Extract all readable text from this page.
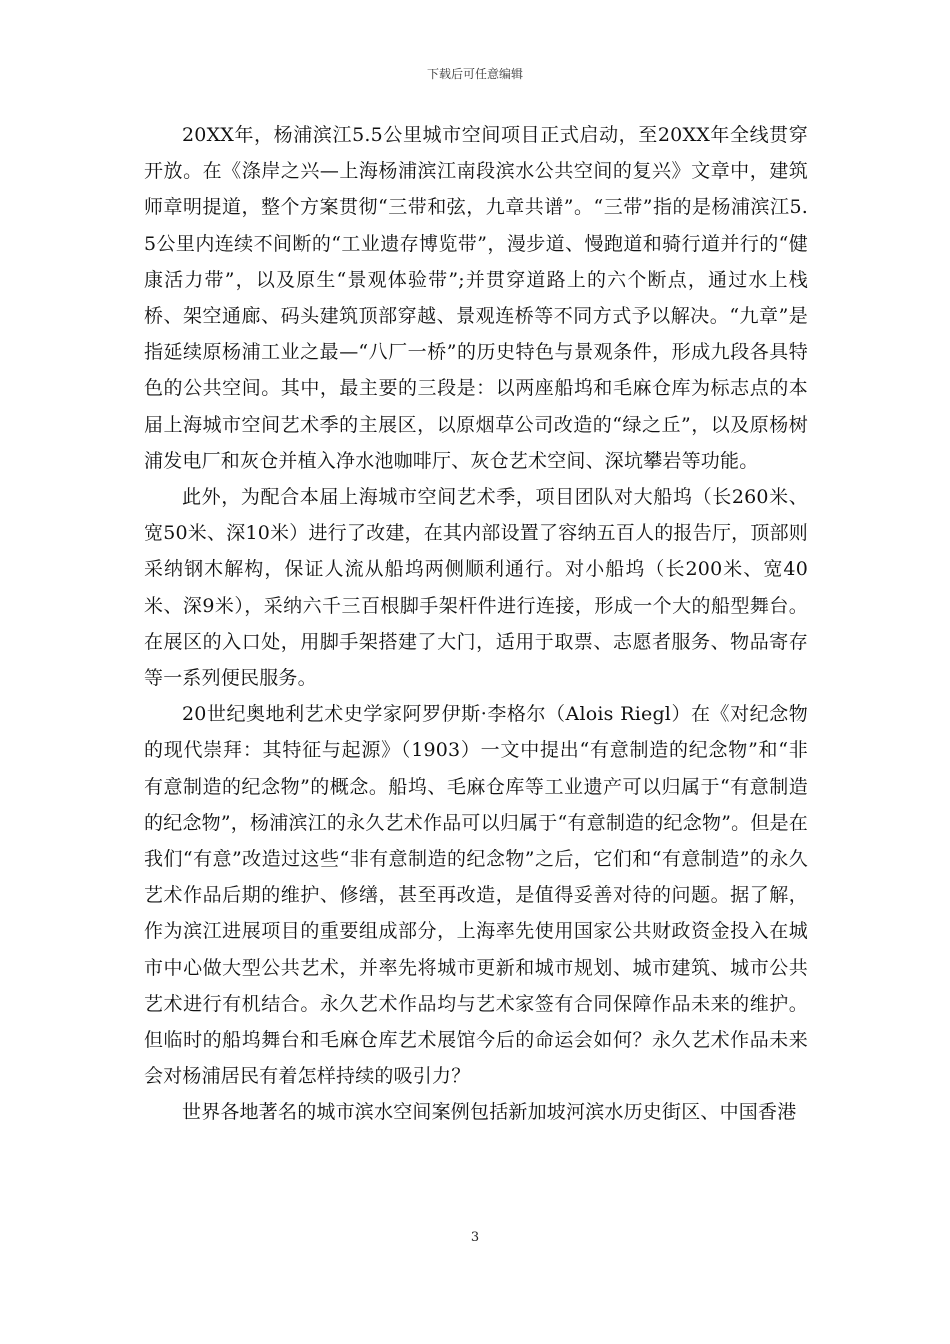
下载后可任意编辑

20XX年，杨浦滨江5.5公里城市空间项目正式启动，至20XX年全线贯穿开放。在《涤岸之兴—上海杨浦滨江南段滨水公共空间的复兴》文章中，建筑师章明提道，整个方案贯彻“三带和弦，九章共谱”。“三带”指的是杨浦滨江5.5公里内连续不间断的“工业遗存博览带”，漫步道、慢跑道和骑行道并行的“健康活力带”，以及原生“景观体验带”;并贯穿道路上的六个断点，通过水上栈桥、架空通廊、码头建筑顶部穿越、景观连桥等不同方式予以解决。“九章”是指延续原杨浦工业之最—“八厂一桥”的历史特色与景观条件，形成九段各具特色的公共空间。其中，最主要的三段是：以两座船坞和毛麻仓库为标志点的本届上海城市空间艺术季的主展区，以原烟草公司改造的“绿之丘”，以及原杨树浦发电厂和灰仓并植入净水池咖啡厅、灰仓艺术空间、深坑攀岩等功能。

此外，为配合本届上海城市空间艺术季，项目团队对大船坞（长260米、宽50米、深10米）进行了改建，在其内部设置了容纳五百人的报告厅，顶部则采纳钢木解构，保证人流从船坞两侧顺利通行。对小船坞（长200米、宽40米、深9米），采纳六千三百根脚手架杆件进行连接，形成一个大的船型舞台。在展区的入口处，用脚手架搭建了大门，适用于取票、志愿者服务、物品寄存等一系列便民服务。

20世纪奥地利艺术史学家阿罗伊斯·李格尔（Alois Riegl）在《对纪念物的现代崇拜：其特征与起源》（1903）一文中提出“有意制造的纪念物”和“非有意制造的纪念物”的概念。船坞、毛麻仓库等工业遗产可以归属于“有意制造的纪念物”，杨浦滨江的永久艺术作品可以归属于“有意制造的纪念物”。但是在我们“有意”改造过这些“非有意制造的纪念物”之后，它们和“有意制造”的永久艺术作品后期的维护、修缮，甚至再改造，是值得妥善对待的问题。据了解，作为滨江进展项目的重要组成部分，上海率先使用国家公共财政资金投入在城市中心做大型公共艺术，并率先将城市更新和城市规划、城市建筑、城市公共艺术进行有机结合。永久艺术作品均与艺术家签有合同保障作品未来的维护。但临时的船坞舞台和毛麻仓库艺术展馆今后的命运会如何？永久艺术作品未来会对杨浦居民有着怎样持续的吸引力？

世界各地著名的城市滨水空间案例包括新加坡河滨水历史街区、中国香港

3
